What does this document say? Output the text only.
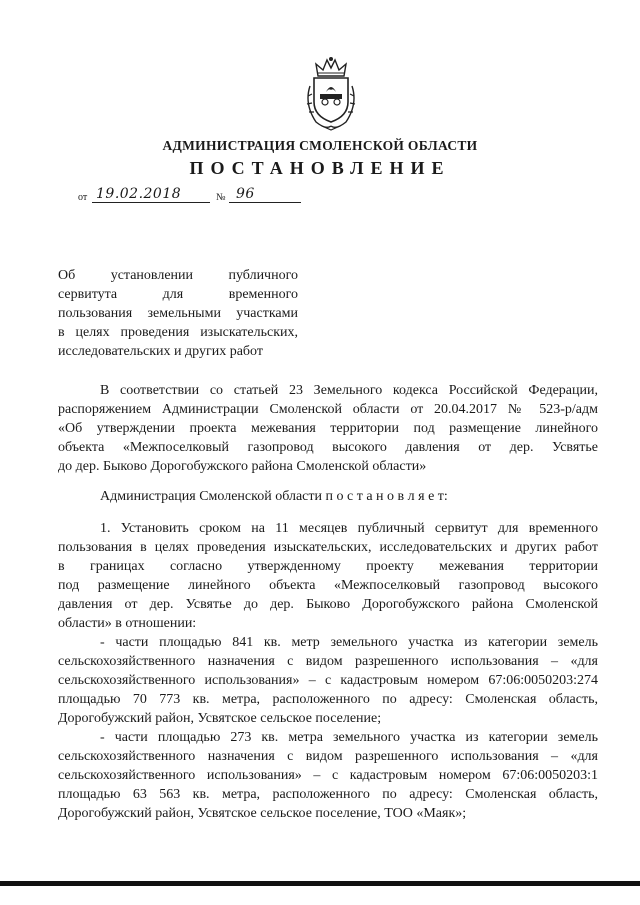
АДМИНИСТРАЦИЯ СМОЛЕНСКОЙ ОБЛАСТИ
ПОСТАНОВЛЕНИЕ
от 19.02.2018	№ 96
Об установлении публичного
сервитута для временного
пользования земельными участками
в целях проведения изыскательских,
исследовательских и других работ
В соответствии со статьей 23 Земельного кодекса Российской Федерации,
распоряжением Администрации Смоленской области от 20.04.2017 № 523-р/адм
«Об утверждении проекта межевания территории под размещение линейного
объекта «Межпоселковый газопровод высокого давления от дер. Усвятье
до дер. Быково Дорогобужского района Смоленской области»
Администрация Смоленской области п о с т а н о в л я е т:
1. Установить сроком на 11 месяцев публичный сервитут для временного
пользования в целях проведения изыскательских, исследовательских и других работ
в границах согласно утвержденному проекту межевания территории
под размещение линейного объекта «Межпоселковый газопровод высокого
давления от дер. Усвятье до дер. Быково Дорогобужского района Смоленской
области» в отношении:
- части площадью 841 кв. метр земельного участка из категории земель
сельскохозяйственного назначения с видом разрешенного использования – «для
сельскохозяйственного использования» – с кадастровым номером 67:06:0050203:274
площадью 70 773 кв. метра, расположенного по адресу: Смоленская область,
Дорогобужский район, Усвятское сельское поселение;
- части площадью 273 кв. метра земельного участка из категории земель
сельскохозяйственного назначения с видом разрешенного использования – «для
сельскохозяйственного использования» – с кадастровым номером 67:06:0050203:1
площадью 63 563 кв. метра, расположенного по адресу: Смоленская область,
Дорогобужский район, Усвятское сельское поселение, ТОО «Маяк»;
